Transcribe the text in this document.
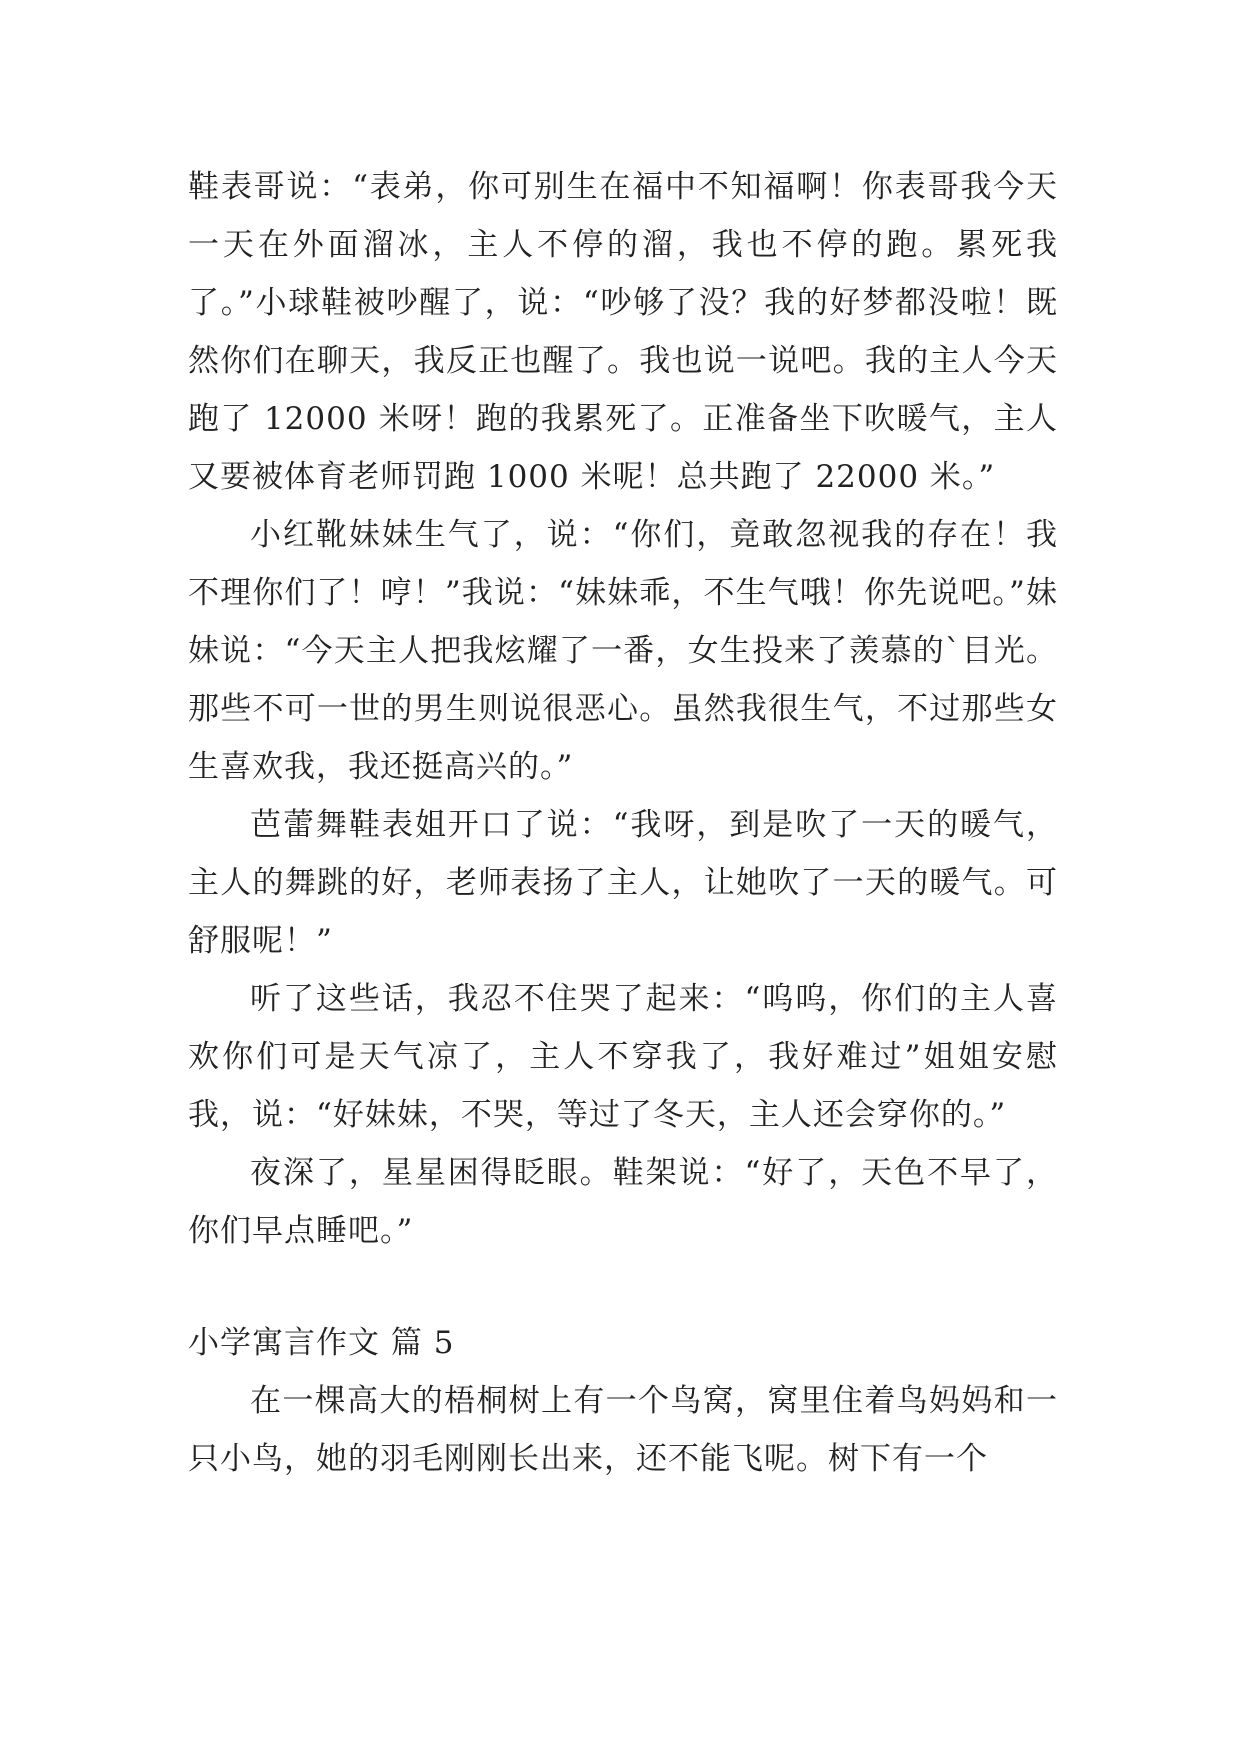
鞋表哥说：“表弟，你可别生在福中不知福啊！你表哥我今天一天在外面溜冰，主人不停的溜，我也不停的跑。累死我了。”小球鞋被吵醒了，说：“吵够了没？我的好梦都没啦！既然你们在聊天，我反正也醒了。我也说一说吧。我的主人今天跑了 12000 米呀！跑的我累死了。正准备坐下吹暖气，主人又要被体育老师罚跑 1000 米呢！总共跑了 22000 米。”

小红靴妹妹生气了，说：“你们，竟敢忽视我的存在！我不理你们了！哼！”我说：“妹妹乖，不生气哦！你先说吧。”妹妹说：“今天主人把我炫耀了一番，女生投来了羡慕的`目光。那些不可一世的男生则说很恶心。虽然我很生气，不过那些女生喜欢我，我还挺高兴的。”

芭蕾舞鞋表姐开口了说：“我呀，到是吹了一天的暖气，主人的舞跳的好，老师表扬了主人，让她吹了一天的暖气。可舒服呢！”

听了这些话，我忍不住哭了起来：“呜呜，你们的主人喜欢你们可是天气凉了，主人不穿我了，我好难过”姐姐安慰我，说：“好妹妹，不哭，等过了冬天，主人还会穿你的。”

夜深了，星星困得眨眼。鞋架说：“好了，天色不早了，你们早点睡吧。”

小学寓言作文 篇 5

在一棵高大的梧桐树上有一个鸟窝，窝里住着鸟妈妈和一只小鸟，她的羽毛刚刚长出来，还不能飞呢。树下有一个
